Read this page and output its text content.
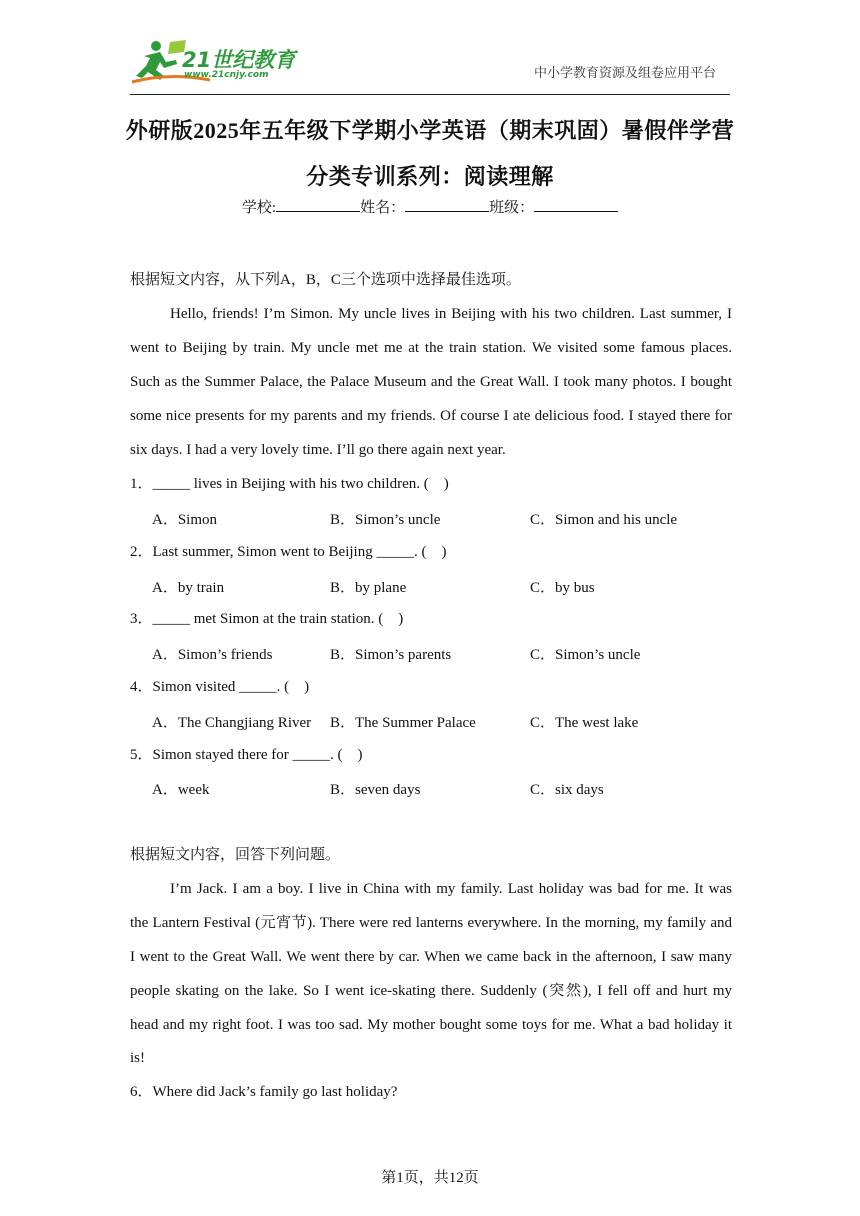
21世纪教育
www.21cnjy.com	中小学教育资源及组卷应用平台
外研版2025年五年级下学期小学英语（期末巩固）暑假伴学营
分类专训系列：阅读理解
学校:	姓名：	班级：
根据短文内容，从下列A，B，C三个选项中选择最佳选项。
Hello, friends! I’m Simon. My uncle lives in Beijing with his two children. Last summer, I
went to Beijing by train. My uncle met me at the train station. We visited some famous places.
Such as the Summer Palace, the Palace Museum and the Great Wall. I took many photos. I bought
some nice presents for my parents and my friends. Of course I ate delicious food. I stayed there for
six days. I had a very lovely time. I’ll go there again next year.
1．_____ lives in Beijing with his two children. (　)
A．Simon	B．Simon’s uncle	C．Simon and his uncle
2．Last summer, Simon went to Beijing _____. (　)
A．by train	B．by plane	C．by bus
3．_____ met Simon at the train station. (　)
A．Simon’s friends	B．Simon’s parents	C．Simon’s uncle
4．Simon visited _____. (　)
A．The Changjiang River B．The Summer Palace	C．The west lake
5．Simon stayed there for _____. (　)
A．week	B．seven days	C．six days
根据短文内容，回答下列问题。
I’m Jack. I am a boy. I live in China with my family. Last holiday was bad for me. It was
the Lantern Festival (元宵节). There were red lanterns everywhere. In the morning, my family and
I went to the Great Wall. We went there by car. When we came back in the afternoon, I saw many
people skating on the lake. So I went ice-skating there. Suddenly (突然), I fell off and hurt my
head and my right foot. I was too sad. My mother bought some toys for me. What a bad holiday it
is!
6．Where did Jack’s family go last holiday?
第1页，共12页
